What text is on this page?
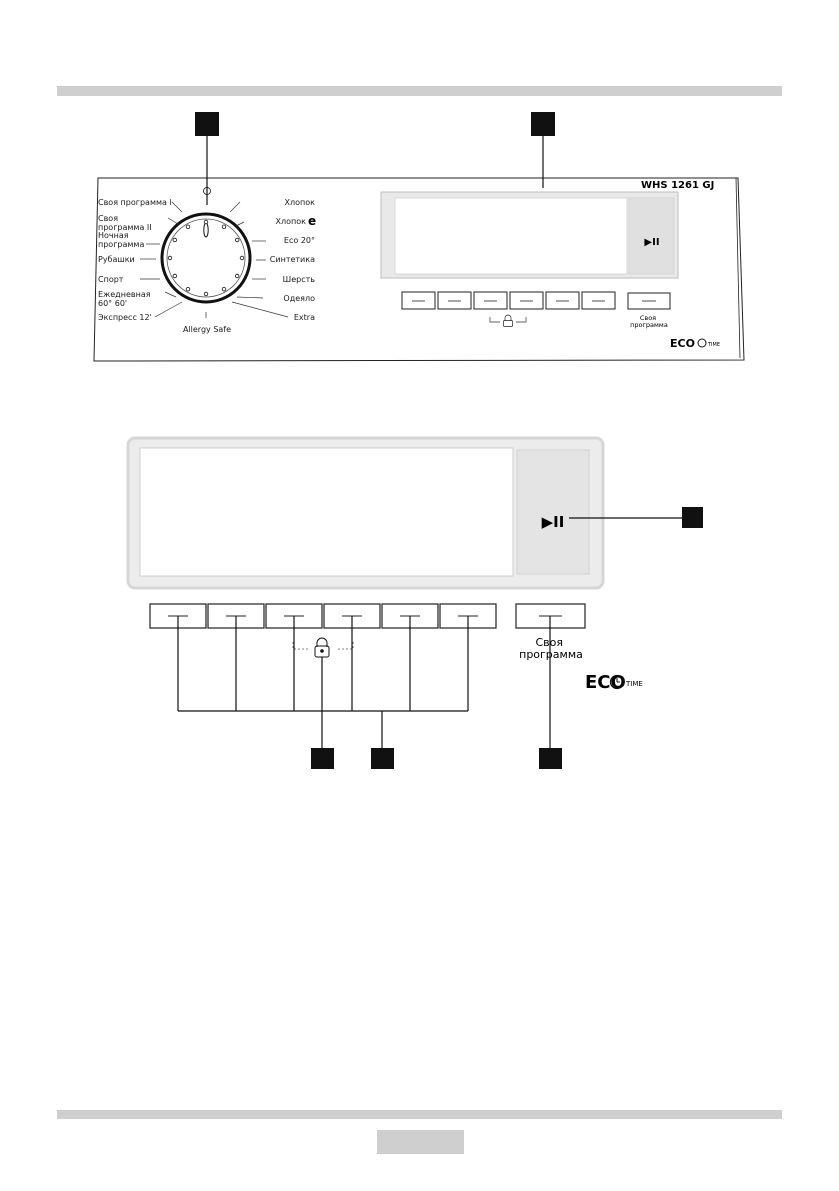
WHS 1261 GJ
Своя программа I
Своя программа II
Ночная программа
Рубашки
Спорт
Ежедневная 60° 60'
Экспресс 12'
Хлопок
Хлопок e
Eco 20°
Синтетика
Шерсть
Одеяло
Extra
Allergy Safe
▶II
Своя программа
ECO	TIME
▶II
Своя программа
ECO TIME
